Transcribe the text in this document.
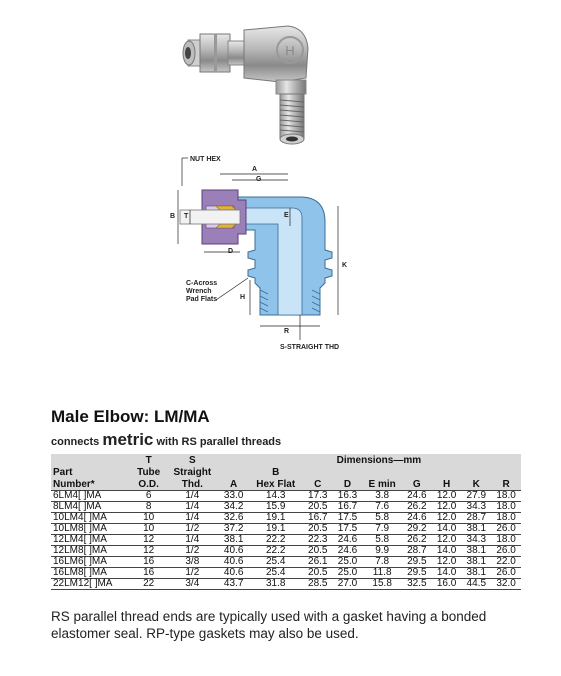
H
NUT HEX
A
G
B T	E
D
K
H
R
C-Across
Wrench
Pad Flats
S-STRAIGHT THD
Male Elbow: LM/MA
connects metric with RS parallel threads
	T	S	Dimensions—mm								
Part	Tube	Straight		B							
Number*	O.D.	Thd.	A	Hex Flat	C	D	E min	G	H	K	R
6LM4[ ]MA	6	1/4	33.0	14.3	17.3	16.3	3.8	24.6	12.0	27.9	18.0
8LM4[ ]MA	8	1/4	34.2	15.9	20.5	16.7	7.6	26.2	12.0	34.3	18.0
10LM4[ ]MA	10	1/4	32.6	19.1	16.7	17.5	5.8	24.6	12.0	28.7	18.0
10LM8[ ]MA	10	1/2	37.2	19.1	20.5	17.5	7.9	29.2	14.0	38.1	26.0
12LM4[ ]MA	12	1/4	38.1	22.2	22.3	24.6	5.8	26.2	12.0	34.3	18.0
12LM8[ ]MA	12	1/2	40.6	22.2	20.5	24.6	9.9	28.7	14.0	38.1	26.0
16LM6[ ]MA	16	3/8	40.6	25.4	26.1	25.0	7.8	29.5	12.0	38.1	22.0
16LM8[ ]MA	16	1/2	40.6	25.4	20.5	25.0	11.8	29.5	14.0	38.1	26.0
22LM12[ ]MA	22	3/4	43.7	31.8	28.5	27.0	15.8	32.5	16.0	44.5	32.0
RS parallel thread ends are typically used with a gasket having a bonded elastomer seal. RP-type gaskets may also be used.
